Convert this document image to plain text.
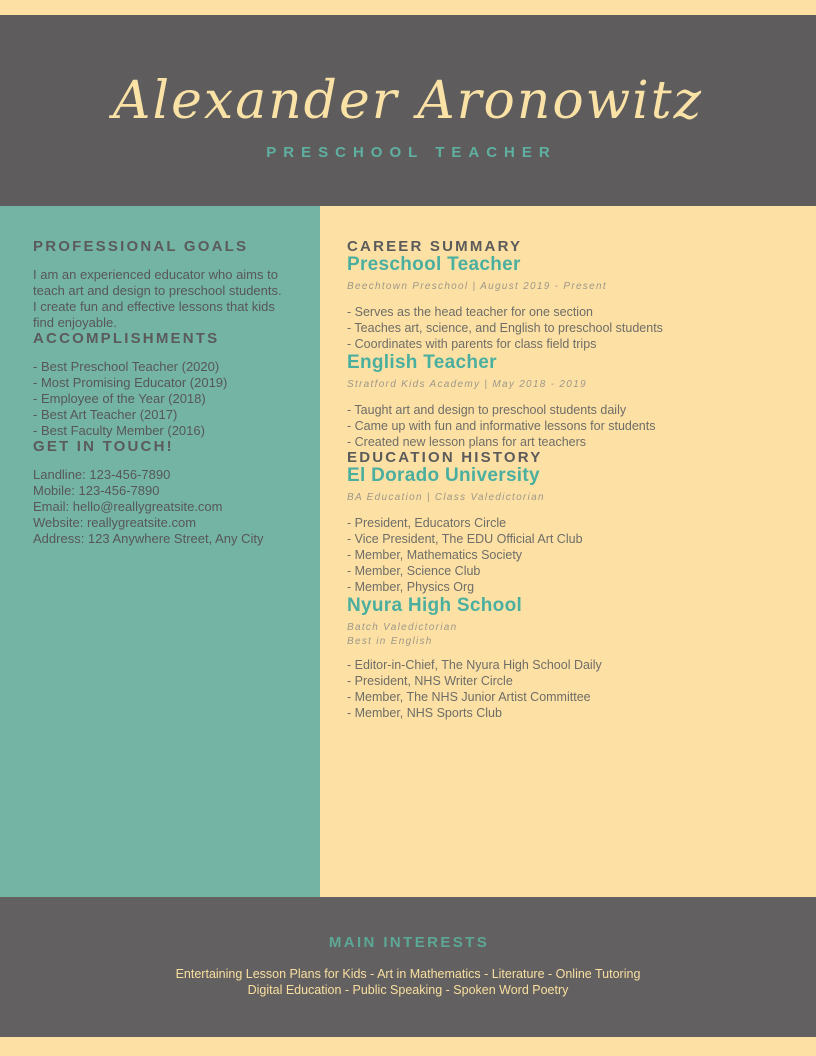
Alexander Aronowitz
PRESCHOOL TEACHER
PROFESSIONAL GOALS

I am an experienced educator who aims to teach art and design to preschool students. I create fun and effective lessons that kids find enjoyable.

ACCOMPLISHMENTS
- Best Preschool Teacher (2020)
- Most Promising Educator (2019)
- Employee of the Year (2018)
- Best Art Teacher (2017)
- Best Faculty Member (2016)
GET IN TOUCH!
Landline: 123-456-7890
Mobile: 123-456-7890
Email: hello@reallygreatsite.com
Website: reallygreatsite.com
Address: 123 Anywhere Street, Any City
CAREER SUMMARY
Preschool Teacher
Beechtown Preschool | August 2019 - Present
- Serves as the head teacher for one section
- Teaches art, science, and English to preschool students
- Coordinates with parents for class field trips
English Teacher
Stratford Kids Academy | May 2018 - 2019
- Taught art and design to preschool students daily
- Came up with fun and informative lessons for students
- Created new lesson plans for art teachers
EDUCATION HISTORY
El Dorado University
BA Education | Class Valedictorian
- President, Educators Circle
- Vice President, The EDU Official Art Club
- Member, Mathematics Society
- Member, Science Club
- Member, Physics Org
Nyura High School
Batch Valedictorian
Best in English
- Editor-in-Chief, The Nyura High School Daily
- President, NHS Writer Circle
- Member, The NHS Junior Artist Committee
- Member, NHS Sports Club
MAIN INTERESTS
Entertaining Lesson Plans for Kids - Art in Mathematics - Literature - Online Tutoring
Digital Education - Public Speaking - Spoken Word Poetry
